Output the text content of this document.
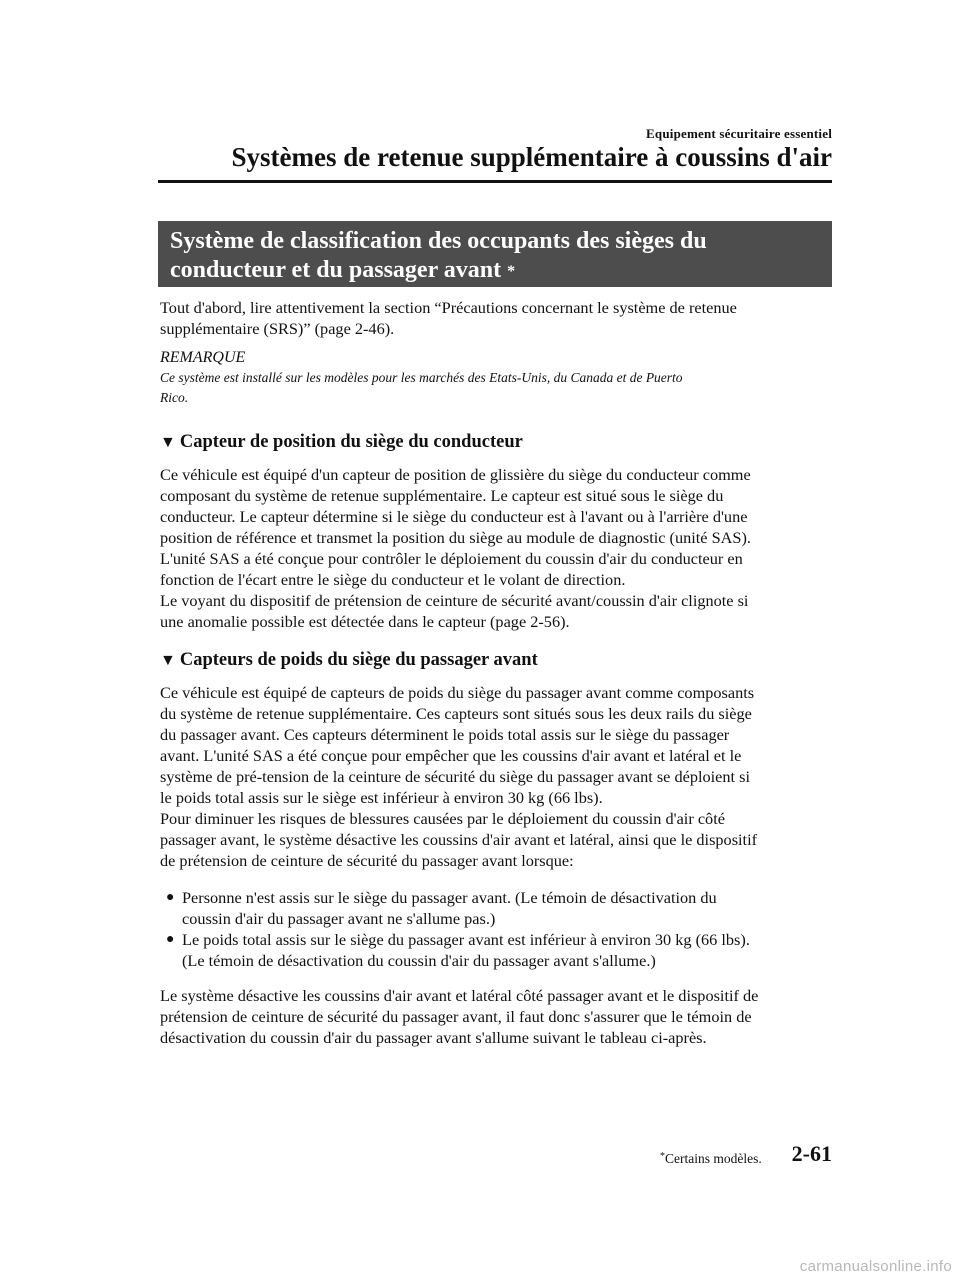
Equipement sécuritaire essentiel
Systèmes de retenue supplémentaire à coussins d'air
Système de classification des occupants des sièges du
conducteur et du passager avant *

Tout d'abord, lire attentivement la section “Précautions concernant le système de retenue
supplémentaire (SRS)” (page 2-46).

REMARQUE

Ce système est installé sur les modèles pour les marchés des Etats-Unis, du Canada et de Puerto
Rico.

▼ Capteur de position du siège du conducteur

Ce véhicule est équipé d'un capteur de position de glissière du siège du conducteur comme
composant du système de retenue supplémentaire. Le capteur est situé sous le siège du
conducteur. Le capteur détermine si le siège du conducteur est à l'avant ou à l'arrière d'une
position de référence et transmet la position du siège au module de diagnostic (unité SAS).
L'unité SAS a été conçue pour contrôler le déploiement du coussin d'air du conducteur en
fonction de l'écart entre le siège du conducteur et le volant de direction.
Le voyant du dispositif de prétension de ceinture de sécurité avant/coussin d'air clignote si
une anomalie possible est détectée dans le capteur (page 2-56).

▼ Capteurs de poids du siège du passager avant

Ce véhicule est équipé de capteurs de poids du siège du passager avant comme composants
du système de retenue supplémentaire. Ces capteurs sont situés sous les deux rails du siège
du passager avant. Ces capteurs déterminent le poids total assis sur le siège du passager
avant. L'unité SAS a été conçue pour empêcher que les coussins d'air avant et latéral et le
système de pré-tension de la ceinture de sécurité du siège du passager avant se déploient si
le poids total assis sur le siège est inférieur à environ 30 kg (66 lbs).
Pour diminuer les risques de blessures causées par le déploiement du coussin d'air côté
passager avant, le système désactive les coussins d'air avant et latéral, ainsi que le dispositif
de prétension de ceinture de sécurité du passager avant lorsque:

● Personne n'est assis sur le siège du passager avant. (Le témoin de désactivation du
coussin d'air du passager avant ne s'allume pas.)
● Le poids total assis sur le siège du passager avant est inférieur à environ 30 kg (66 lbs).
(Le témoin de désactivation du coussin d'air du passager avant s'allume.)

Le système désactive les coussins d'air avant et latéral côté passager avant et le dispositif de
prétension de ceinture de sécurité du passager avant, il faut donc s'assurer que le témoin de
désactivation du coussin d'air du passager avant s'allume suivant le tableau ci-après.

*Certains modèles. 2-61
carmanualsonline.info
